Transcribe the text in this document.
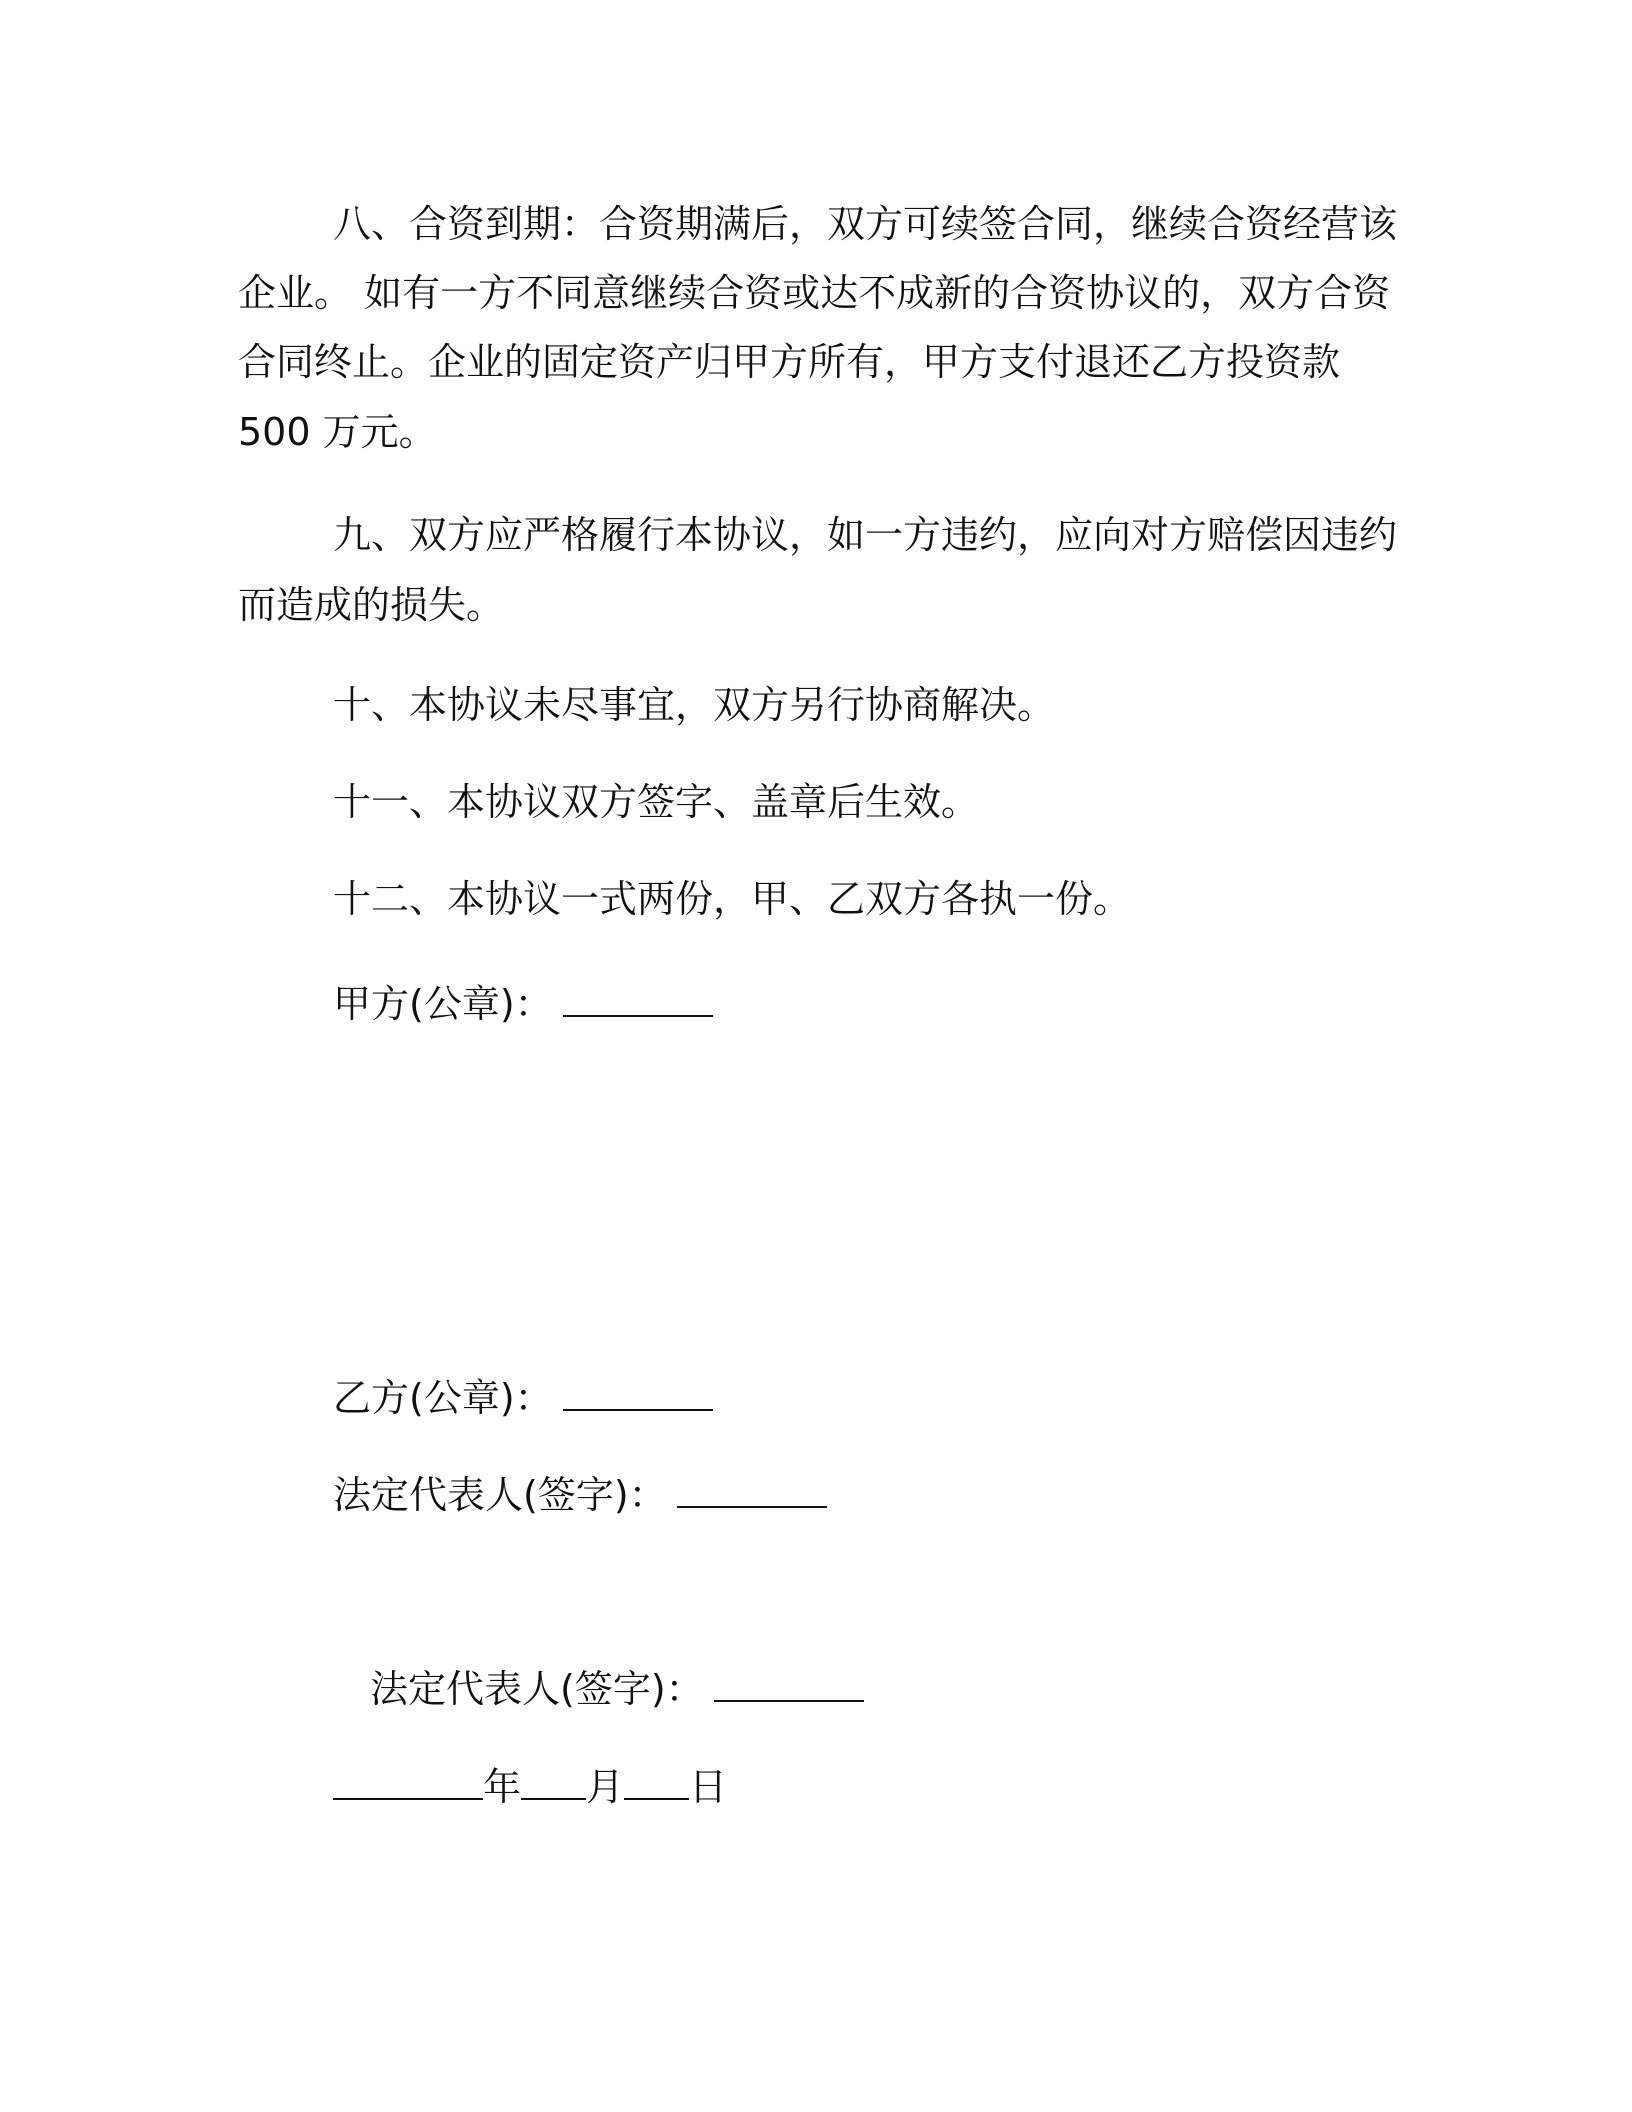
八、合资到期：合资期满后，双方可续签合同，继续合资经营该
企业。 如有一方不同意继续合资或达不成新的合资协议的，双方合资
合同终止。企业的固定资产归甲方所有，甲方支付退还乙方投资款
500 万元。
九、双方应严格履行本协议，如一方违约，应向对方赔偿因违约
而造成的损失。
十、本协议未尽事宜，双方另行协商解决。
十一、本协议双方签字、盖章后生效。
十二、本协议一式两份，甲、乙双方各执一份。
甲方(公章)：
乙方(公章)：
法定代表人(签字)：
法定代表人(签字)：
年 月 日
